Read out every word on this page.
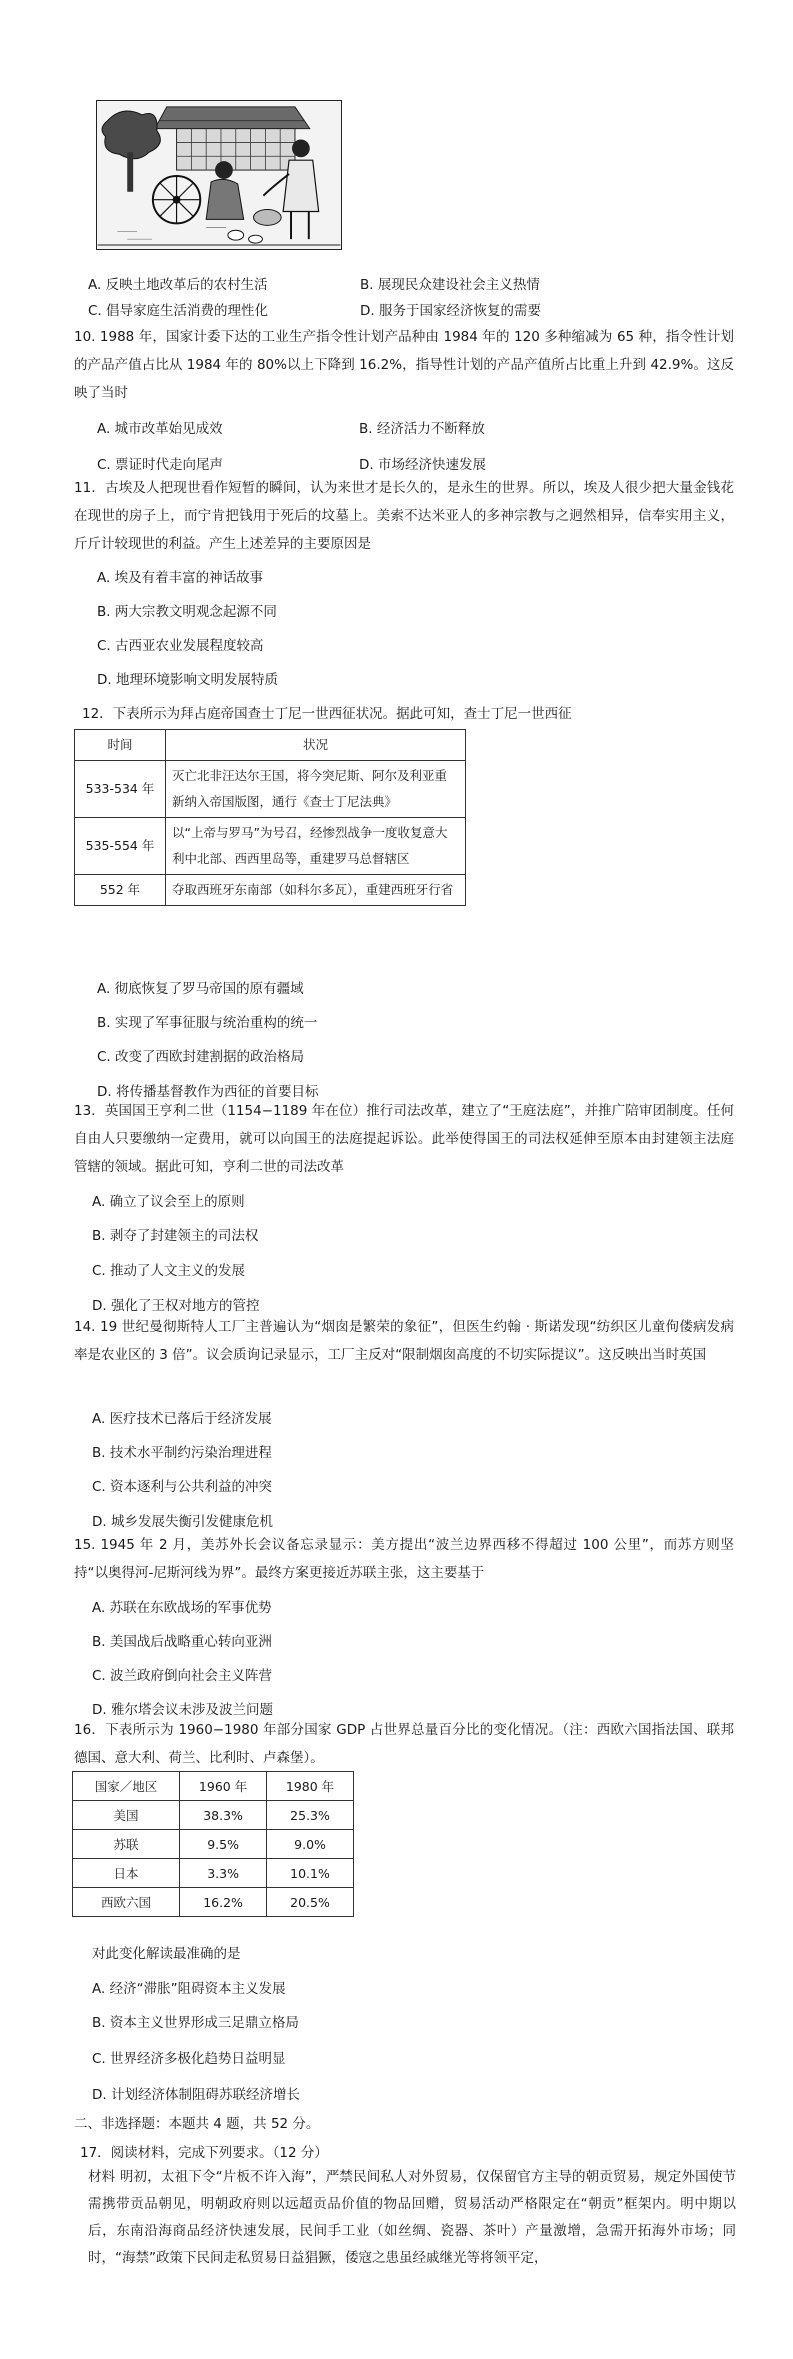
A. 反映土地改革后的农村生活	B. 展现民众建设社会主义热情
C. 倡导家庭生活消费的理性化	D. 服务于国家经济恢复的需要
10. 1988 年，国家计委下达的工业生产指令性计划产品种由 1984 年的 120 多种缩减为 65 种，指令性计划的产品产值占比从 1984 年的 80%以上下降到 16.2%，指导性计划的产品产值所占比重上升到 42.9%。这反映了当时
A. 城市改革始见成效	B. 经济活力不断释放
C. 票证时代走向尾声	D. 市场经济快速发展
11．古埃及人把现世看作短暂的瞬间，认为来世才是长久的，是永生的世界。所以，埃及人很少把大量金钱花在现世的房子上，而宁肯把钱用于死后的坟墓上。美索不达米亚人的多神宗教与之迥然相异，信奉实用主义，斤斤计较现世的利益。产生上述差异的主要原因是
A. 埃及有着丰富的神话故事
B. 两大宗教文明观念起源不同
C. 古西亚农业发展程度较高
D. 地理环境影响文明发展特质
12．下表所示为拜占庭帝国查士丁尼一世西征状况。据此可知，查士丁尼一世西征
时间	状况
533-534 年	灭亡北非汪达尔王国，将今突尼斯、阿尔及利亚重新纳入帝国版图，通行《查士丁尼法典》
535-554 年	以“上帝与罗马”为号召，经惨烈战争一度收复意大利中北部、西西里岛等，重建罗马总督辖区
552 年	夺取西班牙东南部（如科尔多瓦），重建西班牙行省
A. 彻底恢复了罗马帝国的原有疆域
B. 实现了军事征服与统治重构的统一
C. 改变了西欧封建割据的政治格局
D. 将传播基督教作为西征的首要目标
13．英国国王亨利二世（1154−1189 年在位）推行司法改革，建立了“王庭法庭”，并推广陪审团制度。任何自由人只要缴纳一定费用，就可以向国王的法庭提起诉讼。此举使得国王的司法权延伸至原本由封建领主法庭管辖的领域。据此可知，亨利二世的司法改革
A. 确立了议会至上的原则
B. 剥夺了封建领主的司法权
C. 推动了人文主义的发展
D. 强化了王权对地方的管控
14. 19 世纪曼彻斯特人工厂主普遍认为“烟囱是繁荣的象征”，但医生约翰 · 斯诺发现“纺织区儿童佝偻病发病率是农业区的 3 倍”。议会质询记录显示，工厂主反对“限制烟囱高度的不切实际提议”。这反映出当时英国
A. 医疗技术已落后于经济发展
B. 技术水平制约污染治理进程
C. 资本逐利与公共利益的冲突
D. 城乡发展失衡引发健康危机
15. 1945 年 2 月，美苏外长会议备忘录显示：美方提出“波兰边界西移不得超过 100 公里”，而苏方则坚持“以奥得河-尼斯河线为界”。最终方案更接近苏联主张，这主要基于
A. 苏联在东欧战场的军事优势
B. 美国战后战略重心转向亚洲
C. 波兰政府倒向社会主义阵营
D. 雅尔塔会议未涉及波兰问题
16．下表所示为 1960−1980 年部分国家 GDP 占世界总量百分比的变化情况。（注：西欧六国指法国、联邦德国、意大利、荷兰、比利时、卢森堡）。
国家／地区	1960 年	1980 年
美国	38.3%	25.3%
苏联	9.5%	9.0%
日本	3.3%	10.1%
西欧六国	16.2%	20.5%
对此变化解读最准确的是
A. 经济“滞胀”阻碍资本主义发展
B. 资本主义世界形成三足鼎立格局
C. 世界经济多极化趋势日益明显
D. 计划经济体制阻碍苏联经济增长
二、非选择题：本题共 4 题，共 52 分。
17．阅读材料，完成下列要求。（12 分）
材料 明初，太祖下令“片板不许入海”，严禁民间私人对外贸易，仅保留官方主导的朝贡贸易，规定外国使节需携带贡品朝见，明朝政府则以远超贡品价值的物品回赠，贸易活动严格限定在“朝贡”框架内。明中期以后，东南沿海商品经济快速发展，民间手工业（如丝绸、瓷器、茶叶）产量激增，急需开拓海外市场；同时，“海禁”政策下民间走私贸易日益猖獗，倭寇之患虽经戚继光等将领平定，
